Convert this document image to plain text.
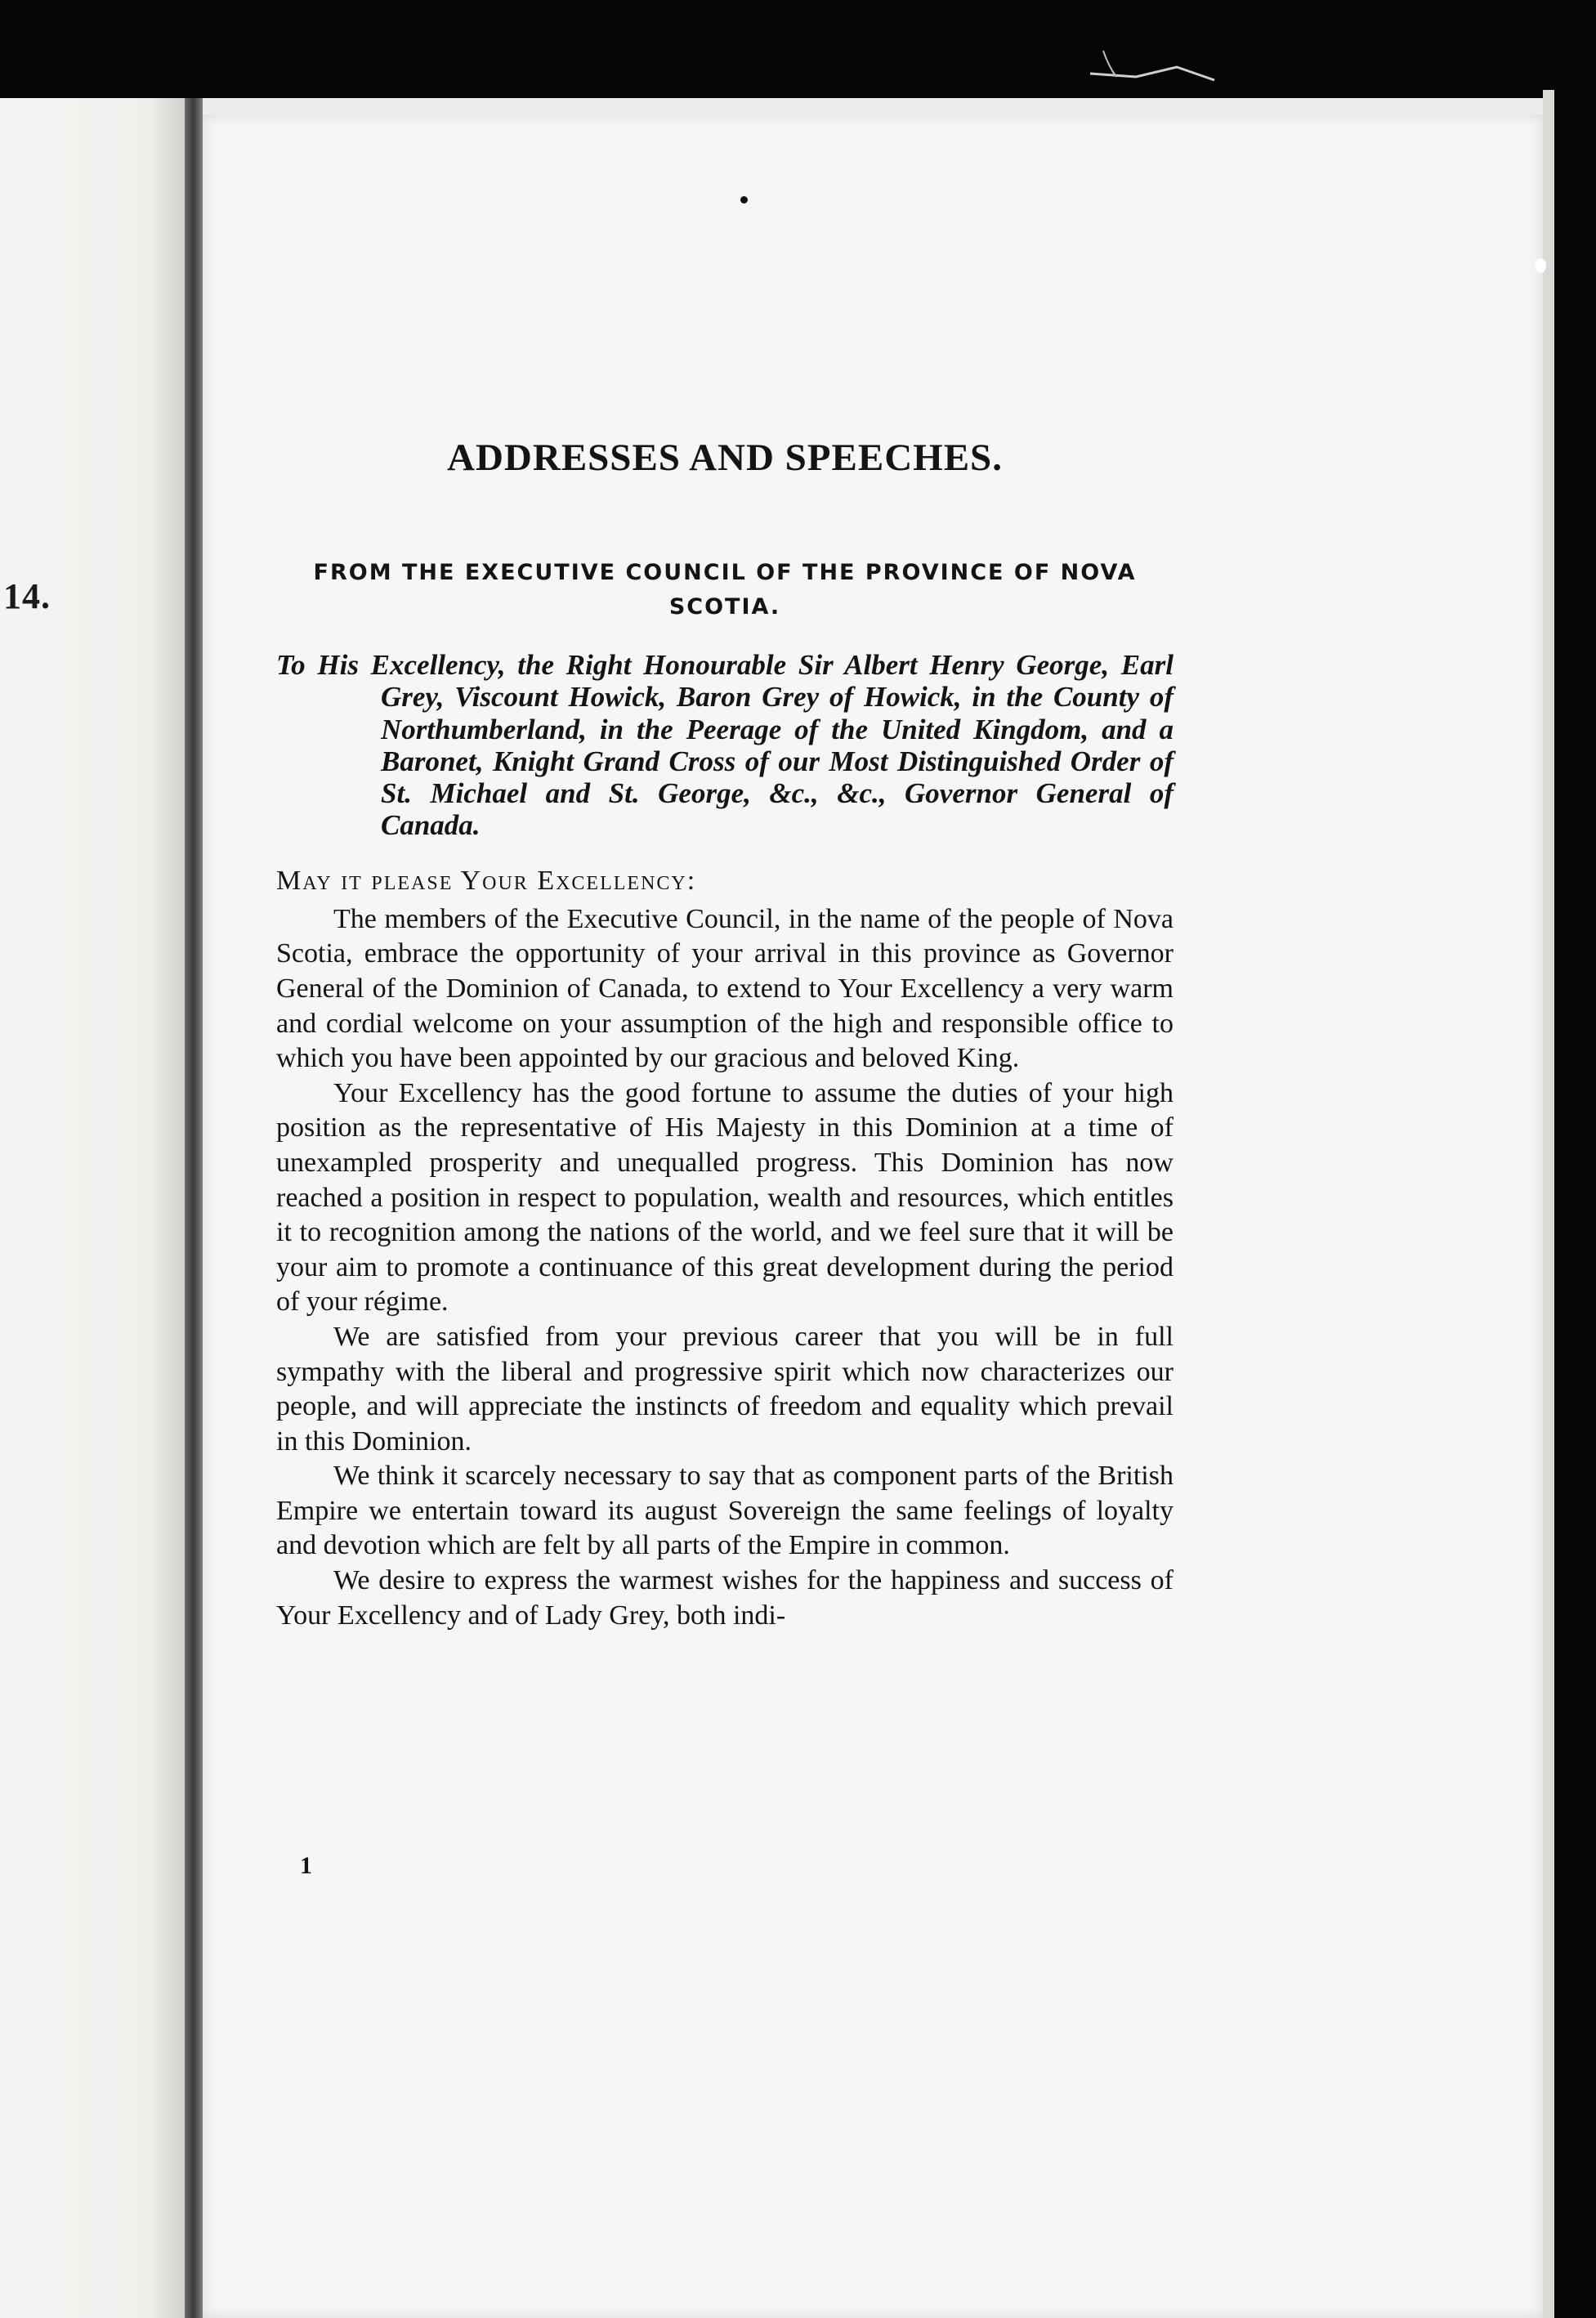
14.
ADDRESSES AND SPEECHES.
FROM THE EXECUTIVE COUNCIL OF THE PROVINCE OF NOVA SCOTIA.

To His Excellency, the Right Honourable Sir Albert Henry George, Earl Grey, Viscount Howick, Baron Grey of Howick, in the County of Northumberland, in the Peerage of the United Kingdom, and a Baronet, Knight Grand Cross of our Most Distinguished Order of St. Michael and St. George, &c., &c., Governor General of Canada.

May it please Your Excellency:

The members of the Executive Council, in the name of the people of Nova Scotia, embrace the opportunity of your arrival in this province as Governor General of the Dominion of Canada, to extend to Your Excellency a very warm and cordial welcome on your assumption of the high and responsible office to which you have been appointed by our gracious and beloved King.

Your Excellency has the good fortune to assume the duties of your high position as the representative of His Majesty in this Dominion at a time of unexampled prosperity and unequalled progress. This Dominion has now reached a position in respect to population, wealth and resources, which entitles it to recognition among the nations of the world, and we feel sure that it will be your aim to promote a continuance of this great development during the period of your régime.

We are satisfied from your previous career that you will be in full sympathy with the liberal and progressive spirit which now characterizes our people, and will appreciate the instincts of freedom and equality which prevail in this Dominion.

We think it scarcely necessary to say that as component parts of the British Empire we entertain toward its august Sovereign the same feelings of loyalty and devotion which are felt by all parts of the Empire in common.

We desire to express the warmest wishes for the happiness and success of Your Excellency and of Lady Grey, both indi-

1
